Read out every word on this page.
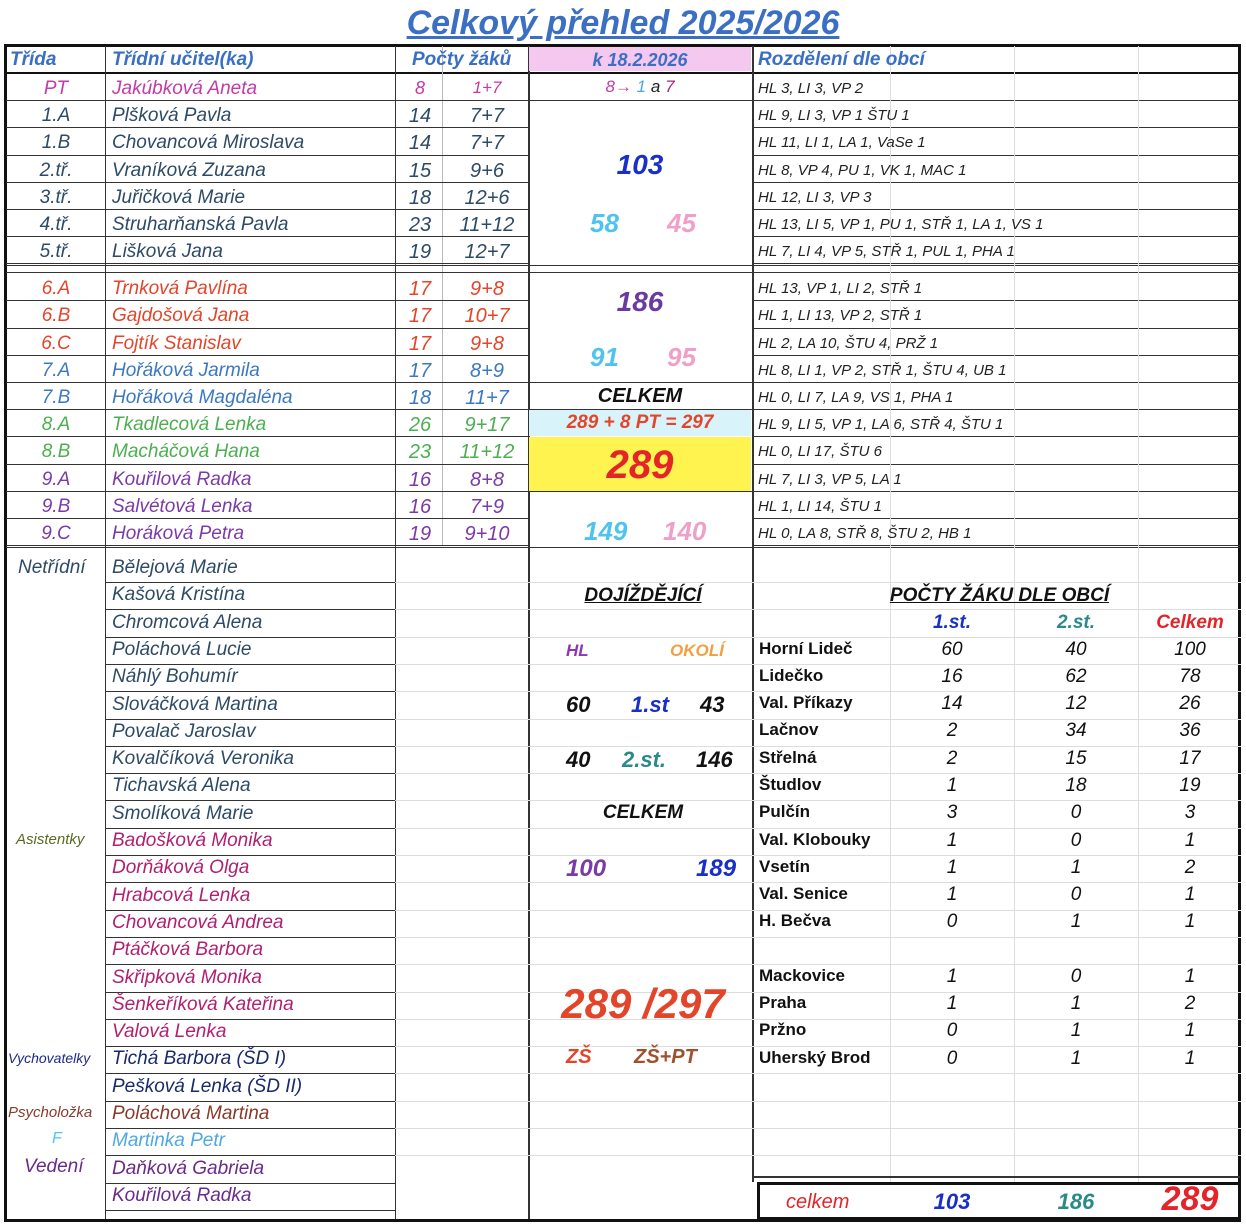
Celkový přehled 2025/2026
Třída	Třídní učitel(ka)	Počty žáků	k 18.2.2026	Rozdělení dle obcí
PT	Jakúbková Aneta	8	1+7	HL 3, LI 3, VP 2
1.A	Plšková Pavla	14	7+7	HL 9, LI 3, VP 1 ŠTU 1
1.B	Chovancová Miroslava	14	7+7	HL 11, LI 1, LA 1, VaSe 1
2.tř.	Vraníková Zuzana	15	9+6	HL 8, VP 4, PU 1, VK 1, MAC 1
3.tř.	Juřičková Marie	18	12+6	HL 12, LI 3, VP 3
4.tř.	Struharňanská Pavla	23	11+12	HL 13, LI 5, VP 1, PU 1, STŘ 1, LA 1, VS 1
5.tř.	Lišková Jana	19	12+7	HL 7, LI 4, VP 5, STŘ 1, PUL 1, PHA 1
6.A	Trnková Pavlína	17	9+8	HL 13, VP 1, LI 2, STŘ 1
6.B	Gajdošová Jana	17	10+7	HL 1, LI 13, VP 2, STŘ 1
6.C	Fojtík Stanislav	17	9+8	HL 2, LA 10, ŠTU 4, PRŽ 1
7.A	Hořáková Jarmila	17	8+9	HL 8, LI 1, VP 2, STŘ 1, ŠTU 4, UB 1
7.B	Hořáková Magdaléna	18	11+7	HL 0, LI 7, LA 9, VS 1, PHA 1
8.A	Tkadlecová Lenka	26	9+17	HL 9, LI 5, VP 1, LA 6, STŘ 4, ŠTU 1
8.B	Macháčová Hana	23	11+12	HL 0, LI 17, ŠTU 6
9.A	Kouřilová Radka	16	8+8	HL 7, LI 3, VP 5, LA 1
9.B	Salvétová Lenka	16	7+9	HL 1, LI 14, ŠTU 1
9.C	Horáková Petra	19	9+10	HL 0, LA 8, STŘ 8, ŠTU 2, HB 1
8→ 1 a 7
103
58 45
186
91 95
CELKEM
289 + 8 PT = 297
289
149 140
Netřídní
Asistentky
Vychovatelky
Psycholožka
F
Vedení
Bělejová Marie
Kašová Kristína
Chromcová Alena
Poláchová Lucie
Náhlý Bohumír
Slováčková Martina
Povalač Jaroslav
Kovalčíková Veronika
Tichavská Alena
Smolíková Marie
Badošková Monika
Dorňáková Olga
Hrabcová Lenka
Chovancová Andrea
Ptáčková Barbora
Skřipková Monika
Šenkeříková Kateřina
Valová Lenka
Tichá Barbora (ŠD I)
Pešková Lenka (ŠD II)
Poláchová Martina
Martinka Petr
Daňková Gabriela
Kouřilová Radka
DOJÍŽDĚJÍCÍ
HL	OKOLÍ
60 1.st 43
40 2.st. 146
CELKEM
100	189
289 /297
ZŠ ZŠ+PT
POČTY ŽÁKU DLE OBCÍ
1.st.	2.st.	Celkem
Horní Lideč	60	40	100
Lidečko	16	62	78
Val. Příkazy	14	12	26
Lačnov	2	34	36
Střelná	2	15	17
Študlov	1	18	19
Pulčín	3	0	3
Val. Klobouky	1	0	1
Vsetín	1	1	2
Val. Senice	1	0	1
H. Bečva	0	1	1
Mackovice	1	0	1
Praha	1	1	2
Pržno	0	1	1
Uherský Brod	0	1	1
celkem	103	186	289
